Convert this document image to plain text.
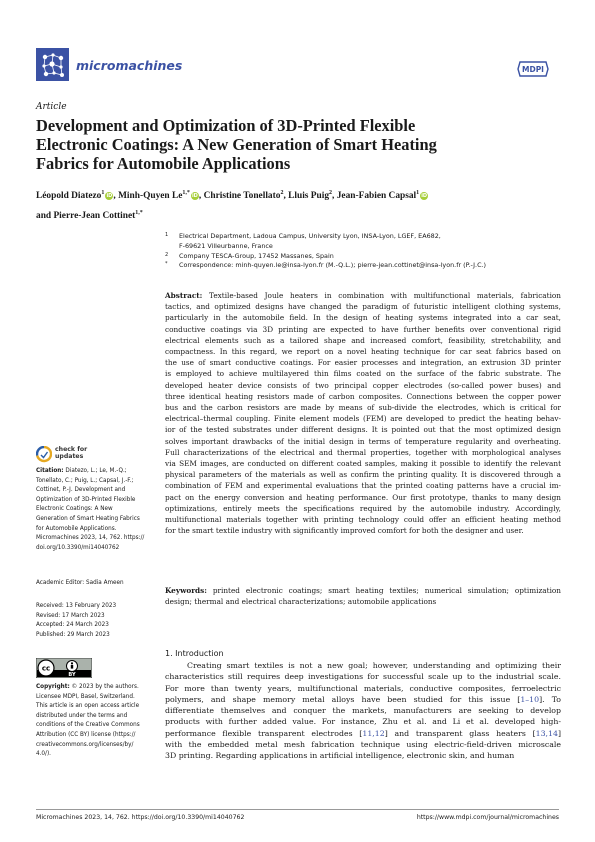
micromachines	MDPI
Article
Development and Optimization of 3D-Printed Flexible
Electronic Coatings: A New Generation of Smart Heating
Fabrics for Automobile Applications
Léopold Diatezo$^1$iD, Minh-Quyen $Le^{1,*}iD$, Christine Tonellato$^2$, Lluis Puig$^2$, Jean-Fabien Capsal$^1$iD
and Pierre-Jean Cottinet$^{1,*}$
1 Electrical Department, Ladoua Campus, University Lyon, INSA-Lyon, LGEF, EA682,
F-69621 Villeurbanne, France
2 Company TESCA-Group, 17452 Massanes, Spain
* Correspondence: minh-quyen.le@insa-lyon.fr (M.-Q.L.); pierre-jean.cottinet@insa-lyon.fr (P.-J.C.)
Abstract: Textile-based Joule heaters in combination with multifunctional materials, fabrication
tactics, and optimized designs have changed the paradigm of futuristic intelligent clothing systems,
particularly in the automobile field. In the design of heating systems integrated into a car seat,
conductive coatings via 3D printing are expected to have further benefits over conventional rigid
electrical elements such as a tailored shape and increased comfort, feasibility, stretchability, and
compactness. In this regard, we report on a novel heating technique for car seat fabrics based on
the use of smart conductive coatings. For easier processes and integration, an extrusion 3D printer
is employed to achieve multilayered thin films coated on the surface of the fabric substrate. The
developed heater device consists of two principal copper electrodes (so-called power buses) and
three identical heating resistors made of carbon composites. Connections between the copper power
bus and the carbon resistors are made by means of sub-divide the electrodes, which is critical for
electrical–thermal coupling. Finite element models (FEM) are developed to predict the heating behav-
ior of the tested substrates under different designs. It is pointed out that the most optimized design
solves important drawbacks of the initial design in terms of temperature regularity and overheating.
Full characterizations of the electrical and thermal properties, together with morphological analyses
via SEM images, are conducted on different coated samples, making it possible to identify the relevant
physical parameters of the materials as well as confirm the printing quality. It is discovered through a
combination of FEM and experimental evaluations that the printed coating patterns have a crucial im-
pact on the energy conversion and heating performance. Our first prototype, thanks to many design
optimizations, entirely meets the specifications required by the automobile industry. Accordingly,
multifunctional materials together with printing technology could offer an efficient heating method
for the smart textile industry with significantly improved comfort for both the designer and user.
Keywords: printed electronic coatings; smart heating textiles; numerical simulation; optimization
design; thermal and electrical characterizations; automobile applications
1. Introduction
Creating smart textiles is not a new goal; however, understanding and optimizing their
characteristics still requires deep investigations for successful scale up to the industrial scale.
For more than twenty years, multifunctional materials, conductive composites, ferroelectric
polymers, and shape memory metal alloys have been studied for this issue [1–10]. To
differentiate themselves and conquer the markets, manufacturers are seeking to develop
products with further added value. For instance, Zhu et al. and Li et al. developed high-
performance flexible transparent electrodes [11,12] and transparent glass heaters [13,14]
with the embedded metal mesh fabrication technique using electric-field-driven microscale
3D printing. Regarding applications in artificial intelligence, electronic skin, and human
check for
updates
Citation: Diatezo, L.; Le, M.-Q.;
Tonellato, C.; Puig, L.; Capsal, J.-F.;
Cottinet, P.-J. Development and
Optimization of 3D-Printed Flexible
Electronic Coatings: A New
Generation of Smart Heating Fabrics
for Automobile Applications.
Micromachines 2023, 14, 762. https://
doi.org/10.3390/mi14040762
Academic Editor: Sadia Ameen
Received: 13 February 2023
Revised: 17 March 2023
Accepted: 24 March 2023
Published: 29 March 2023
cc
BY
Copyright: © 2023 by the authors.
Licensee MDPI, Basel, Switzerland.
This article is an open access article
distributed under the terms and
conditions of the Creative Commons
Attribution (CC BY) license (https://
creativecommons.org/licenses/by/
4.0/).
Micromachines 2023, 14, 762. https://doi.org/10.3390/mi14040762	https://www.mdpi.com/journal/micromachines
